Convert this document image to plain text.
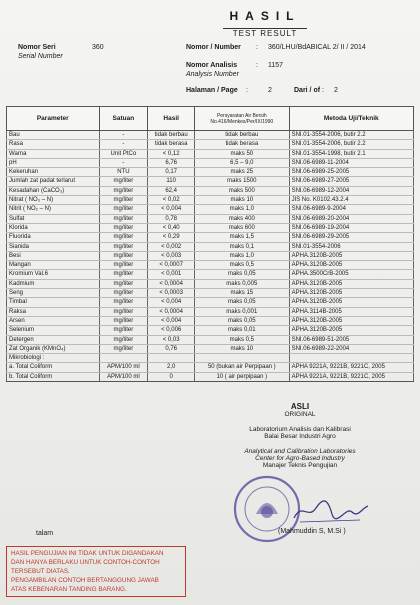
HASIL
TEST RESULT
Nomor Seri
Serial Number
360	Nomor / Number : 360/LHU/BdABICAL 2/ II / 2014
Nomor Analisis
Analysis Number
: 1157
Halaman / Page :	2	Dari / of : 2
Parameter	Satuan	Hasil	Persyaratan Air Bersih No.416/Menkes/Per/IX/1990	Metoda Uji/Teknik
Bau	-	tidak berbau	tidak berbau	SNI.01-3554-2006, butir 2.2
Rasa	-	tidak berasa	tidak berasa	SNI.01-3554-2006, butir 2.2
Warna	Unit PtCo	< 0,12	maks 50	SNI.01-3554-1998, butir 2.1
pH	-	6,76	6,5 – 9,0	SNI.06-6989-11-2004
Kekeruhan	NTU	0,17	maks 25	SNI.06-6989-25-2005
Jumlah zat padat terlarut	mg/liter	110	maks 1500	SNI.06-6989-27-2005
Kesadahan (CaCO₃)	mg/liter	62,4	maks 500	SNI.06-6989-12-2004
Nitrat ( NO₃ – N)	mg/liter	< 0,02	maks 10	JIS No. K0102.43.2.4
Nitrit ( NO₂ – N)	mg/liter	< 0,004	maks 1,0	SNI.06-6989-9-2004
Sulfat	mg/liter	0,78	maks 400	SNI.06-6989-20-2004
Klorida	mg/liter	< 0,40	maks 600	SNI.06-6989-19-2004
Fluorida	mg/liter	< 0,29	maks 1,5	SNI.06-6989-29-2005
Sianida	mg/liter	< 0,002	maks 0,1	SNI.01-3554-2006
Besi	mg/liter	< 0,003	maks 1,0	APHA.3120B-2005
Mangan	mg/liter	< 0,0007	maks 0,5	APHA.3120B-2005
Kromium Val.6	mg/liter	< 0,001	maks 0,05	APHA.3500CrB-2005
Kadmium	mg/liter	< 0,0004	maks 0,005	APHA.3120B-2005
Seng	mg/liter	< 0,0003	maks 15	APHA.3120B-2005
Timbal	mg/liter	< 0,004	maks 0,05	APHA.3120B-2005
Raksa	mg/liter	< 0,0004	maks 0,001	APHA.3114B-2005
Arsen	mg/liter	< 0,004	maks 0,05	APHA.3120B-2005
Selenium	mg/liter	< 0,006	maks 0,01	APHA.3120B-2005
Detergen	mg/liter	< 0,03	maks 0,5	SNI.06-6989-51-2005
Zat Organik (KMnO₄)	mg/liter	0,76	maks 10	SNI.06-6989-22-2004
Mikrobiologi :				
a. Total Coliform	APM/100 ml	2,0	50 (bukan air Perpipaan )	APHA 9221A, 9221B, 9221C, 2005
b. Total Coliform	APM/100 ml	0	10 ( air perpipaan )	APHA 9221A, 9221B, 9221C, 2005
ASLI
ORIGINAL
Laboratorium Analisis dan Kalibrasi
Balai Besar Industri Agro
Analytical and Calibration Laboratories
Center for Agro-Based Industry
Manajer Teknis Pengujian
(Mahmuddin S, M.Si )
talam
HASIL PENGUJIAN INI TIDAK UNTUK DIGANDAKAN
DAN HANYA BERLAKU UNTUK CONTOH-CONTOH
TERSEBUT DIATAS.
PENGAMBILAN CONTOH BERTANGGUNG JAWAB
ATAS KEBENARAN TANDING BARANG.
